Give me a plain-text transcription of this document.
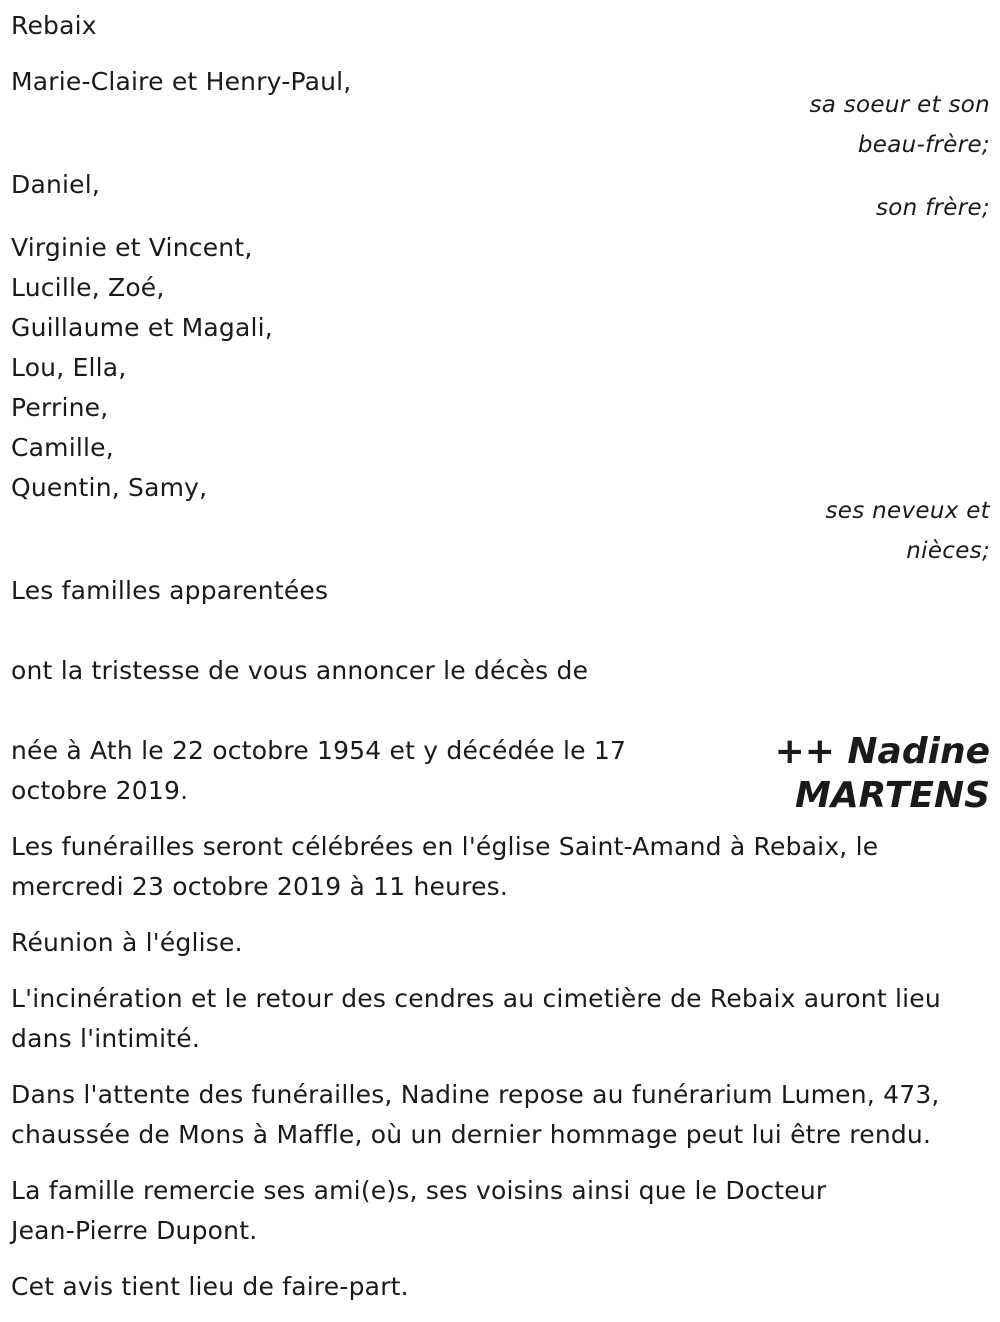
Rebaix
Marie-Claire et Henry-Paul,
sa soeur et son
beau-frère;
Daniel,
son frère;
Virginie et Vincent,
Lucille, Zoé,
Guillaume et Magali,
Lou, Ella,
Perrine,
Camille,
Quentin, Samy,
ses neveux et
nièces;
Les familles apparentées
ont la tristesse de vous annoncer le décès de
++ Nadine
MARTENS
née à Ath le 22 octobre 1954 et y décédée le 17
octobre 2019.
Les funérailles seront célébrées en l'église Saint-Amand à Rebaix, le
mercredi 23 octobre 2019 à 11 heures.
Réunion à l'église.
L'incinération et le retour des cendres au cimetière de Rebaix auront lieu
dans l'intimité.
Dans l'attente des funérailles, Nadine repose au funérarium Lumen, 473,
chaussée de Mons à Maffle, où un dernier hommage peut lui être rendu.
La famille remercie ses ami(e)s, ses voisins ainsi que le Docteur
Jean-Pierre Dupont.
Cet avis tient lieu de faire-part.
